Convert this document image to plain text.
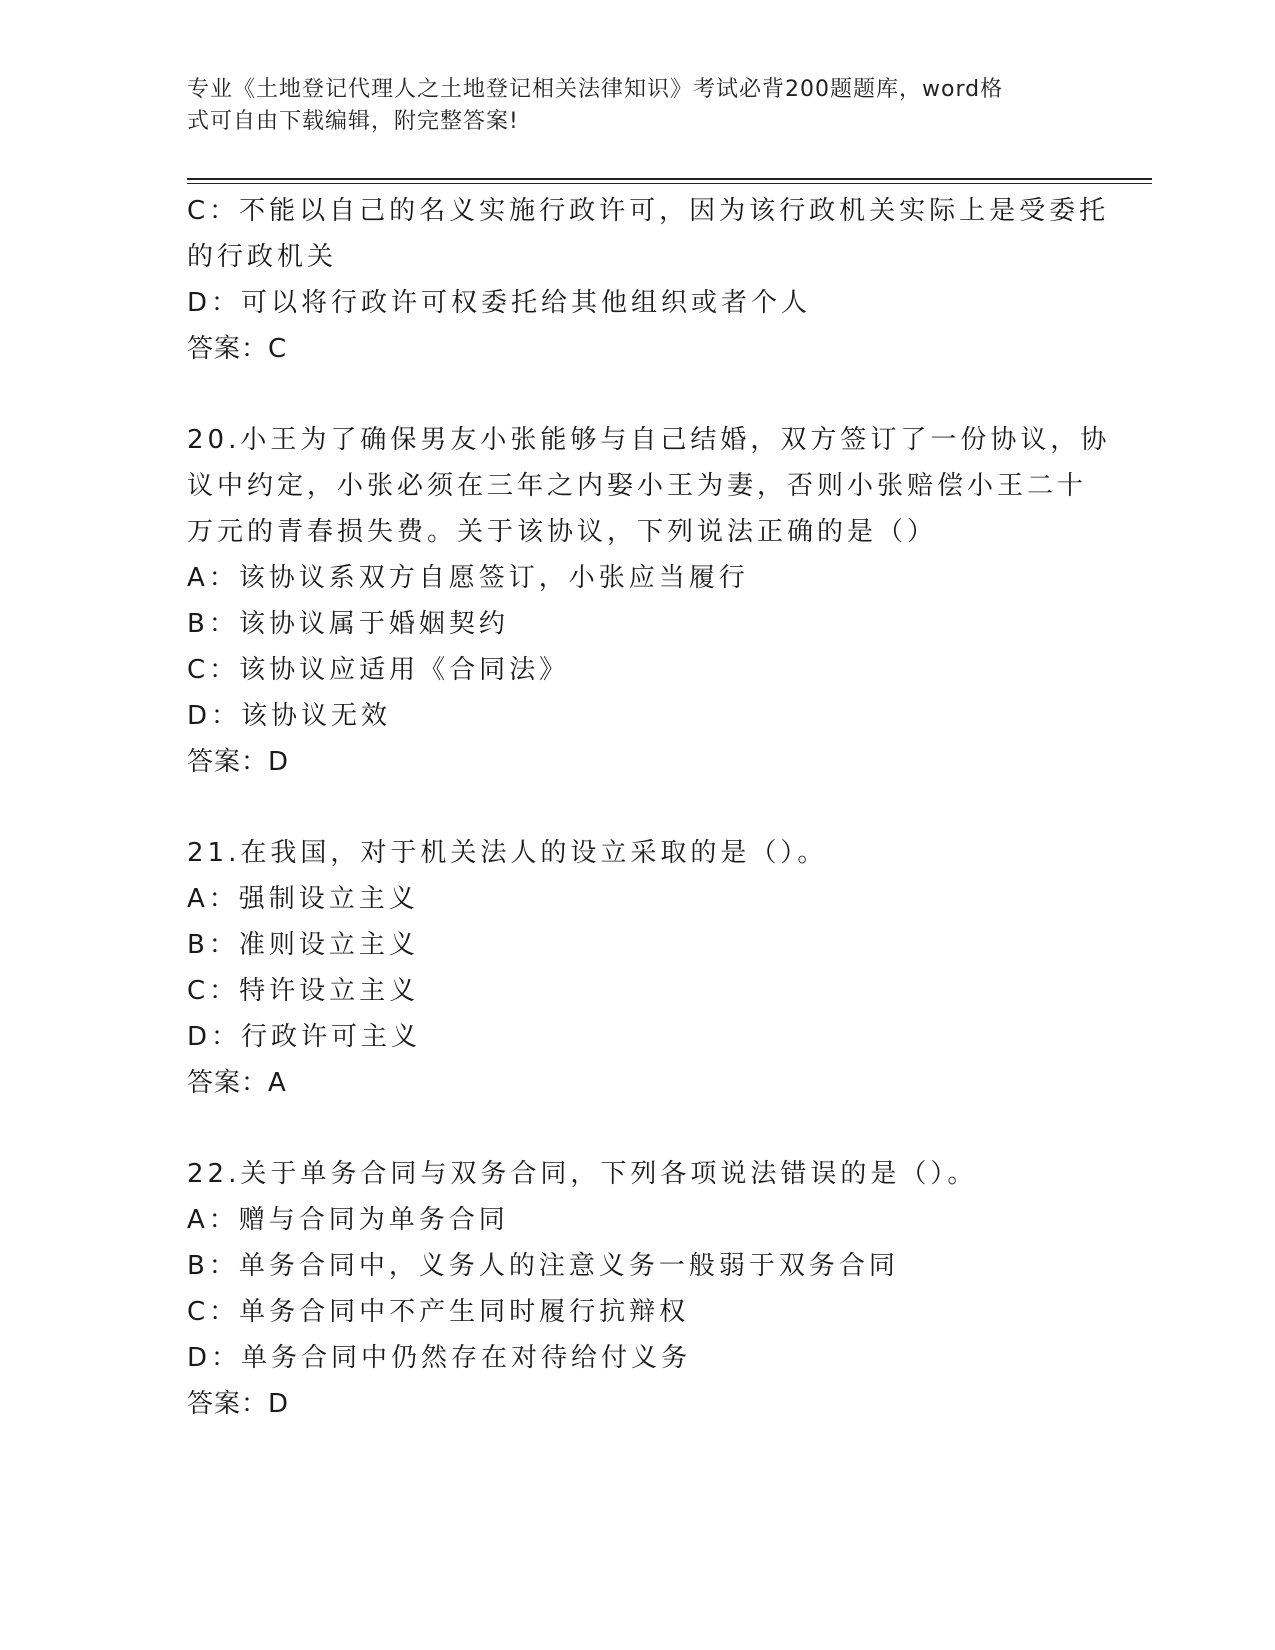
专业《土地登记代理人之土地登记相关法律知识》考试必背200题题库，word格
式可自由下载编辑，附完整答案!
C：不能以自己的名义实施行政许可，因为该行政机关实际上是受委托
的行政机关
D：可以将行政许可权委托给其他组织或者个人
答案：C
20.小王为了确保男友小张能够与自己结婚，双方签订了一份协议，协
议中约定，小张必须在三年之内娶小王为妻，否则小张赔偿小王二十
万元的青春损失费。关于该协议，下列说法正确的是（）
A：该协议系双方自愿签订，小张应当履行
B：该协议属于婚姻契约
C：该协议应适用《合同法》
D：该协议无效
答案：D
21.在我国，对于机关法人的设立采取的是（）。
A：强制设立主义
B：准则设立主义
C：特许设立主义
D：行政许可主义
答案：A
22.关于单务合同与双务合同，下列各项说法错误的是（）。
A：赠与合同为单务合同
B：单务合同中，义务人的注意义务一般弱于双务合同
C：单务合同中不产生同时履行抗辩权
D：单务合同中仍然存在对待给付义务
答案：D
